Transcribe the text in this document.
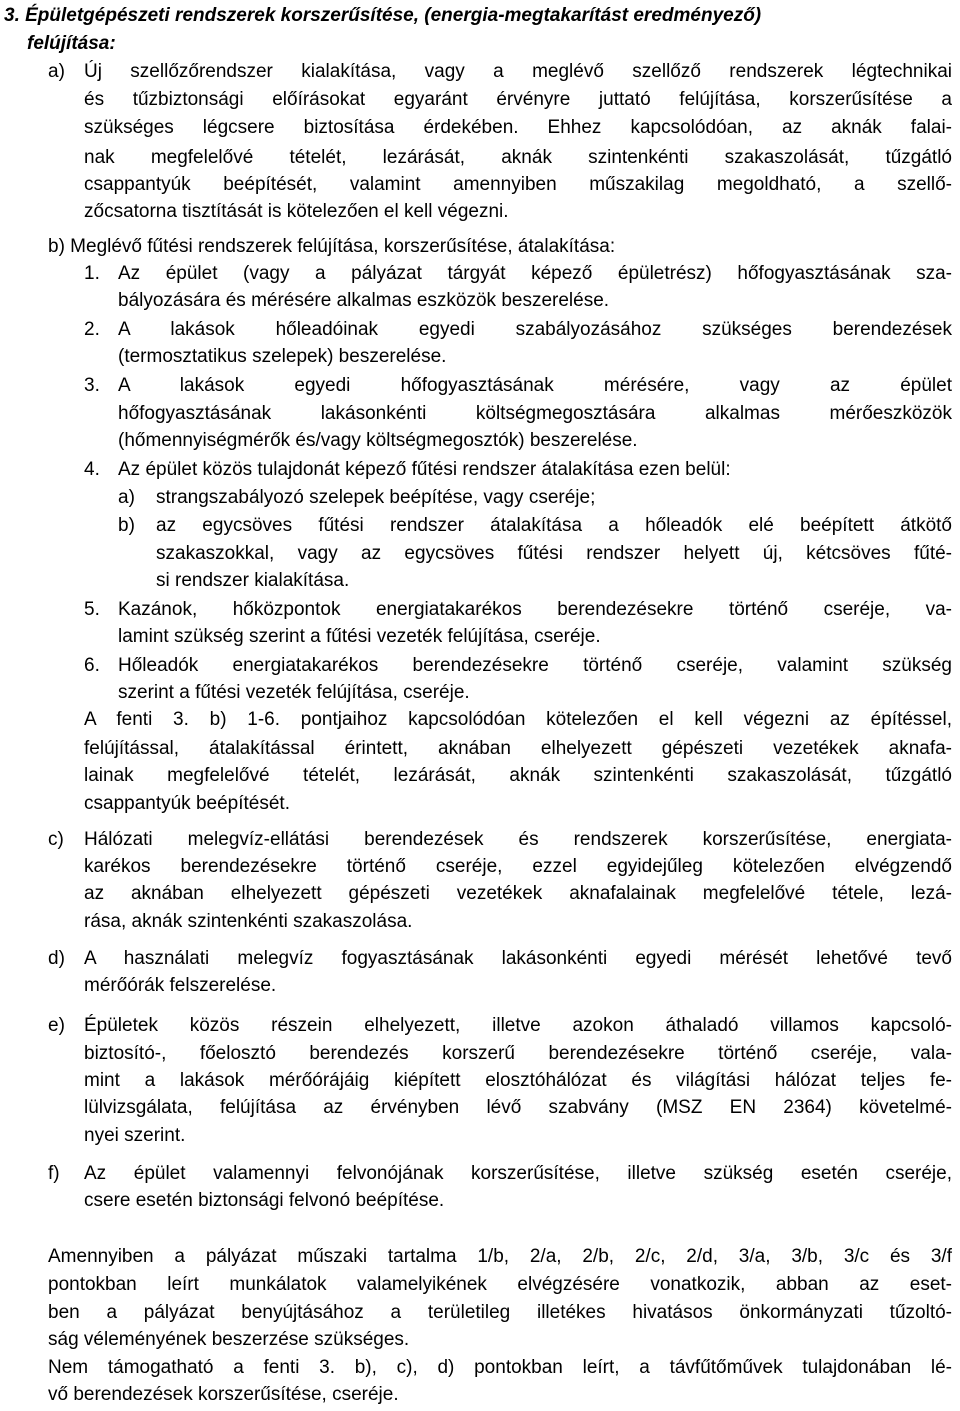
3. Épületgépészeti rendszerek korszerűsítése, (energia-megtakarítást eredményező)
felújítása:
a) Új szellőzőrendszer kialakítása, vagy a meglévő szellőző rendszerek légtechnikai
és tűzbiztonsági előírásokat egyaránt érvényre juttató felújítása, korszerűsítése a
szükséges légcsere biztosítása érdekében. Ehhez kapcsolódóan, az aknák falai-
nak megfelelővé tételét, lezárását, aknák szintenkénti szakaszolását, tűzgátló
csappantyúk beépítését, valamint amennyiben műszakilag megoldható, a szellő-
zőcsatorna tisztítását is kötelezően el kell végezni.
b) Meglévő fűtési rendszerek felújítása, korszerűsítése, átalakítása:
1. Az épület (vagy a pályázat tárgyát képező épületrész) hőfogyasztásának sza-
bályozására és mérésére alkalmas eszközök beszerelése.
2. A lakások hőleadóinak egyedi szabályozásához szükséges berendezések
(termosztatikus szelepek) beszerelése.
3. A lakások egyedi hőfogyasztásának mérésére, vagy az épület
hőfogyasztásának lakásonkénti költségmegosztására alkalmas mérőeszközök
(hőmennyiségmérők és/vagy költségmegosztók) beszerelése.
4. Az épület közös tulajdonát képező fűtési rendszer átalakítása ezen belül:
a) strangszabályozó szelepek beépítése, vagy cseréje;
b) az egycsöves fűtési rendszer átalakítása a hőleadók elé beépített átkötő
szakaszokkal, vagy az egycsöves fűtési rendszer helyett új, kétcsöves fűté-
si rendszer kialakítása.
5. Kazánok, hőközpontok energiatakarékos berendezésekre történő cseréje, va-
lamint szükség szerint a fűtési vezeték felújítása, cseréje.
6. Hőleadók energiatakarékos berendezésekre történő cseréje, valamint szükség
szerint a fűtési vezeték felújítása, cseréje.
A fenti 3. b) 1-6. pontjaihoz kapcsolódóan kötelezően el kell végezni az építéssel,
felújítással, átalakítással érintett, aknában elhelyezett gépészeti vezetékek aknafa-
lainak megfelelővé tételét, lezárását, aknák szintenkénti szakaszolását, tűzgátló
csappantyúk beépítését.
c) Hálózati melegvíz-ellátási berendezések és rendszerek korszerűsítése, energiata-
karékos berendezésekre történő cseréje, ezzel egyidejűleg kötelezően elvégzendő
az aknában elhelyezett gépészeti vezetékek aknafalainak megfelelővé tétele, lezá-
rása, aknák szintenkénti szakaszolása.
d) A használati melegvíz fogyasztásának lakásonkénti egyedi mérését lehetővé tevő
mérőórák felszerelése.
e) Épületek közös részein elhelyezett, illetve azokon áthaladó villamos kapcsoló-
biztosító-, főelosztó berendezés korszerű berendezésekre történő cseréje, vala-
mint a lakások mérőórájáig kiépített elosztóhálózat és világítási hálózat teljes fe-
lülvizsgálata, felújítása az érvényben lévő szabvány (MSZ EN 2364) követelmé-
nyei szerint.
f) Az épület valamennyi felvonójának korszerűsítése, illetve szükség esetén cseréje,
csere esetén biztonsági felvonó beépítése.
Amennyiben a pályázat műszaki tartalma 1/b, 2/a, 2/b, 2/c, 2/d, 3/a, 3/b, 3/c és 3/f
pontokban leírt munkálatok valamelyikének elvégzésére vonatkozik, abban az eset-
ben a pályázat benyújtásához a területileg illetékes hivatásos önkormányzati tűzoltó-
ság véleményének beszerzése szükséges.
Nem támogatható a fenti 3. b), c), d) pontokban leírt, a távfűtőművek tulajdonában lé-
vő berendezések korszerűsítése, cseréje.
